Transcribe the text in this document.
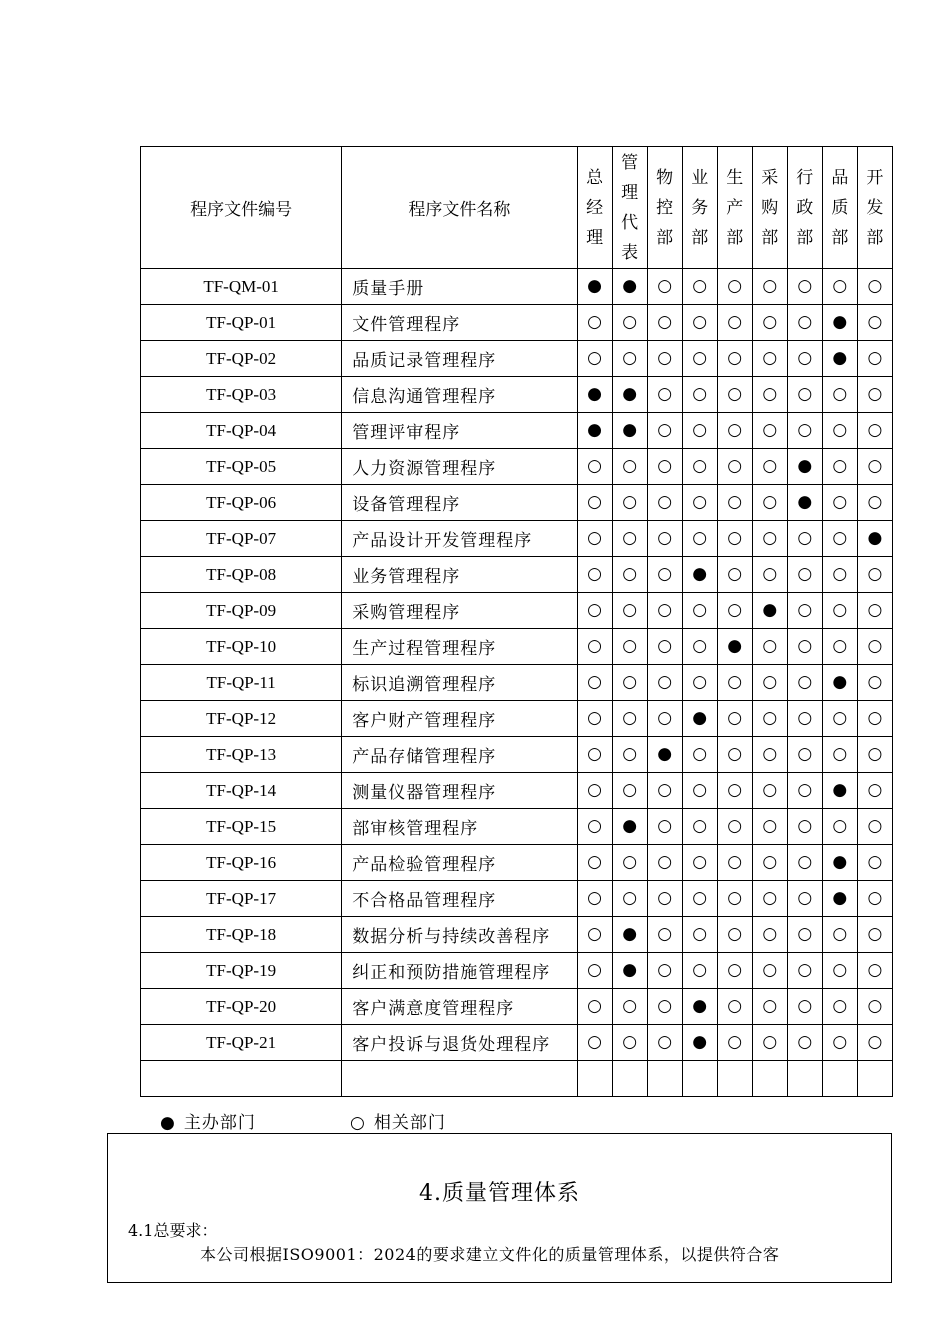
程序文件编号	程序文件名称	总经理	管理代表	物控部	业务部	生产部	采购部	行政部	品质部	开发部
TF-QM-01	质量手册	●	●	○	○	○	○	○	○	○
TF-QP-01	文件管理程序	○	○	○	○	○	○	○	●	○
TF-QP-02	品质记录管理程序	○	○	○	○	○	○	○	●	○
TF-QP-03	信息沟通管理程序	●	●	○	○	○	○	○	○	○
TF-QP-04	管理评审程序	●	●	○	○	○	○	○	○	○
TF-QP-05	人力资源管理程序	○	○	○	○	○	○	●	○	○
TF-QP-06	设备管理程序	○	○	○	○	○	○	●	○	○
TF-QP-07	产品设计开发管理程序	○	○	○	○	○	○	○	○	●
TF-QP-08	业务管理程序	○	○	○	●	○	○	○	○	○
TF-QP-09	采购管理程序	○	○	○	○	○	●	○	○	○
TF-QP-10	生产过程管理程序	○	○	○	○	●	○	○	○	○
TF-QP-11	标识追溯管理程序	○	○	○	○	○	○	○	●	○
TF-QP-12	客户财产管理程序	○	○	○	●	○	○	○	○	○
TF-QP-13	产品存储管理程序	○	○	●	○	○	○	○	○	○
TF-QP-14	测量仪器管理程序	○	○	○	○	○	○	○	●	○
TF-QP-15	部审核管理程序	○	●	○	○	○	○	○	○	○
TF-QP-16	产品检验管理程序	○	○	○	○	○	○	○	●	○
TF-QP-17	不合格品管理程序	○	○	○	○	○	○	○	●	○
TF-QP-18	数据分析与持续改善程序	○	●	○	○	○	○	○	○	○
TF-QP-19	纠正和预防措施管理程序	○	●	○	○	○	○	○	○	○
TF-QP-20	客户满意度管理程序	○	○	○	●	○	○	○	○	○
TF-QP-21	客户投诉与退货处理程序	○	○	○	●	○	○	○	○	○

● 主办部门	○ 相关部门
4.质量管理体系
4.1总要求：
本公司根据ISO9001：2024的要求建立文件化的质量管理体系，以提供符合客
